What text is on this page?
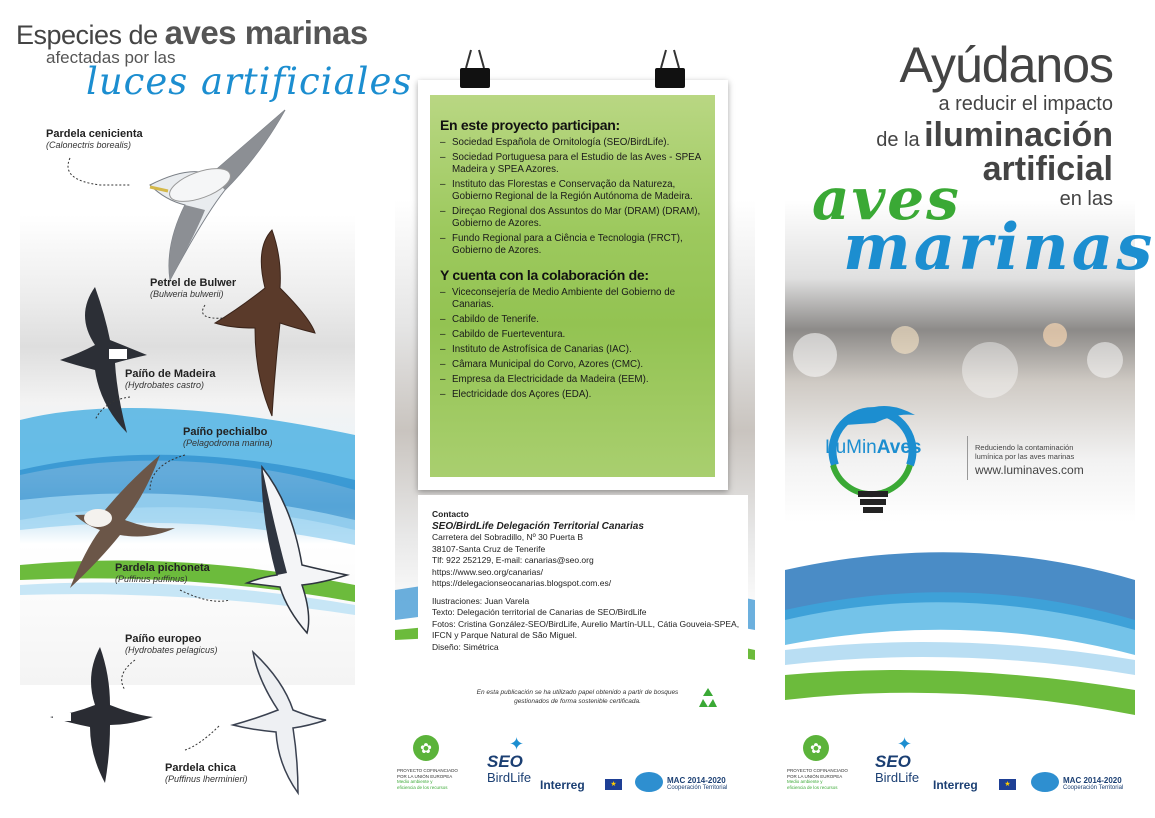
Especies de aves marinas
afectadas por las
luces artificiales
Pardela cenicienta
(Calonectris borealis)
Petrel de Bulwer
(Bulweria bulwerii)
Paíño de Madeira
(Hydrobates castro)
Paíño pechialbo
(Pelagodroma marina)
Pardela pichoneta
(Puffinus puffinus)
Paíño europeo
(Hydrobates pelagicus)
Pardela chica
(Puffinus lherminieri)
En este proyecto participan:
– Sociedad Española de Ornitología (SEO/BirdLife).
– Sociedad Portuguesa para el Estudio de las Aves - SPEA Madeira y SPEA Azores.
– Instituto das Florestas e Conservação da Natureza, Gobierno Regional de la Región Autónoma de Madeira.
– Direçao Regional dos Assuntos do Mar (DRAM) (DRAM), Gobierno de Azores.
– Fundo Regional para a Ciência e Tecnologia (FRCT), Gobierno de Azores.
Y cuenta con la colaboración de:
– Viceconsejería de Medio Ambiente del Gobierno de Canarias.
– Cabildo de Tenerife.
– Cabildo de Fuerteventura.
– Instituto de Astrofísica de Canarias (IAC).
– Câmara Municipal do Corvo, Azores (CMC).
– Empresa da Electricidade da Madeira (EEM).
– Electricidade dos Açores (EDA).
Contacto
SEO/BirdLife Delegación Territorial Canarias
Carretera del Sobradillo, Nº 30 Puerta B
38107-Santa Cruz de Tenerife
Tlf: 922 252129, E-mail: canarias@seo.org
https://www.seo.org/canarias/
https://delegacionseocanarias.blogspot.com.es/
Ilustraciones: Juan Varela
Texto: Delegación territorial de Canarias de SEO/BirdLife
Fotos: Cristina González-SEO/BirdLife, Aurelio Martín-ULL, Cátia Gouveia-SPEA, IFCN y Parque Natural de São Miguel.
Diseño: Simétrica
En esta publicación se ha utilizado papel obtenido a partir de bosques
gestionados de forma sostenible certificada.
✿
PROYECTO COFINANCIADO
POR LA UNIÓN EUROPEA
Medio ambiente y
eficiencia de los recursos
✦
SEO
BirdLife Interreg	★	MAC 2014-2020
Cooperación Territorial
Ayúdanos
a reducir el impacto
de la iluminación
artificial
aves	en las
marinas
LuMinAves	Reduciendo la contaminación
lumínica por las aves marinas
www.luminaves.com
✿
PROYECTO COFINANCIADO
POR LA UNIÓN EUROPEA
Medio ambiente y
eficiencia de los recursos
✦
SEO
BirdLife Interreg	★	MAC 2014-2020
Cooperación Territorial
